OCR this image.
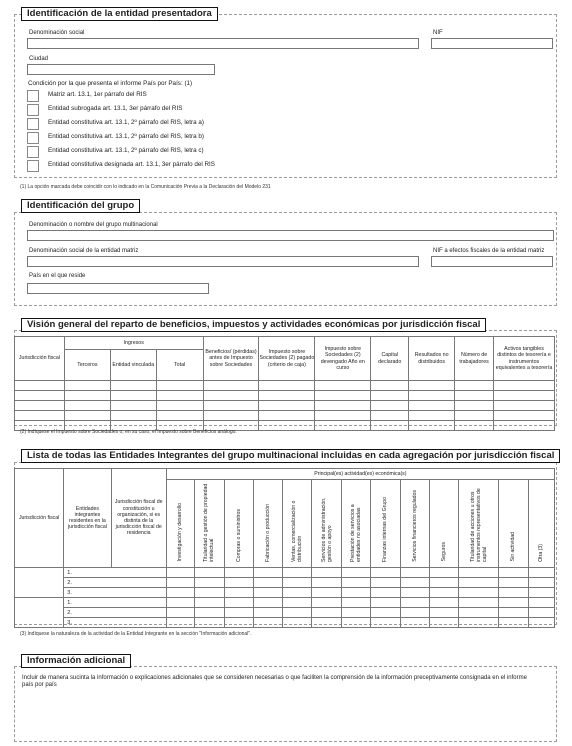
Identificación de la entidad presentadora
Denominación social	NIF
Ciudad
Condición por la que presenta el informe País por País: (1)
Matriz art. 13.1, 1er párrafo del RIS
Entidad subrogada art. 13.1, 3er párrafo del RIS
Entidad constitutiva art. 13.1, 2º párrafo del RIS, letra a)
Entidad constitutiva art. 13.1, 2º párrafo del RIS, letra b)
Entidad constitutiva art. 13.1, 2º párrafo del RIS, letra c)
Entidad constitutiva designada art. 13.1, 3er párrafo del RIS
(1) La opción marcada debe coincidir con lo indicado en la Comunicación Previa a la Declaración del Modelo 231
Identificación del grupo
Denominación o nombre del grupo multinacional
Denominación social de la entidad matriz	NIF a efectos fiscales de la entidad matriz
País en el que reside
Visión general del reparto de beneficios, impuestos y actividades económicas por jurisdicción fiscal
Jurisdicción fiscal	Ingresos			Beneficios/ (pérdidas) antes de Impuesto sobre Sociedades	Impuesto sobre Sociedades (2) pagado (criterio de caja)	Impuesto sobre Sociedades (2) devengado Año en curso	Capital declarado	Resultados no distribuidos	Número de trabajadores	Activos tangibles distintos de tesorería e instrumentos equivalentes a tesorería
	Terceros	Entidad vinculada	Total							

(2) Indíquese el Impuesto sobre Sociedades o, en su caso, el Impuesto sobre Beneficios análogo.
Lista de todas las Entidades Integrantes del grupo multinacional incluidas en cada agregación por jurisdicción fiscal
Jurisdicción fiscal	Entidades integrantes residentes en la jurisdicción fiscal	Jurisdicción fiscal de constitución u organización, si es distinta de la jurisdicción fiscal de residencia	Principal(es) actividad(es) económica(s)												
			Investigación y desarrollo	Titularidad o gestión de propiedad intelectual	Compras o suministros	Fabricación o producción	Ventas, comercialización o distribución	Servicios de administración, gestión o apoyo	Prestación de servicios a entidades no asociadas	Finanzas internas del Grupo	Servicios financieros regulados	Seguros	Titularidad de acciones u otros instrumentos representativos de capital	Sin actividad	Otra (3)
	1.														
	2.														
	3.														
	1.														
	2.														
	3.														
(3) Indíquese la naturaleza de la actividad de la Entidad Integrante en la sección "Información adicional".
Información adicional
Incluir de manera sucinta la información o explicaciones adicionales que se consideren necesarias o que faciliten la comprensión de la información preceptivamente consignada en el informe país por país
